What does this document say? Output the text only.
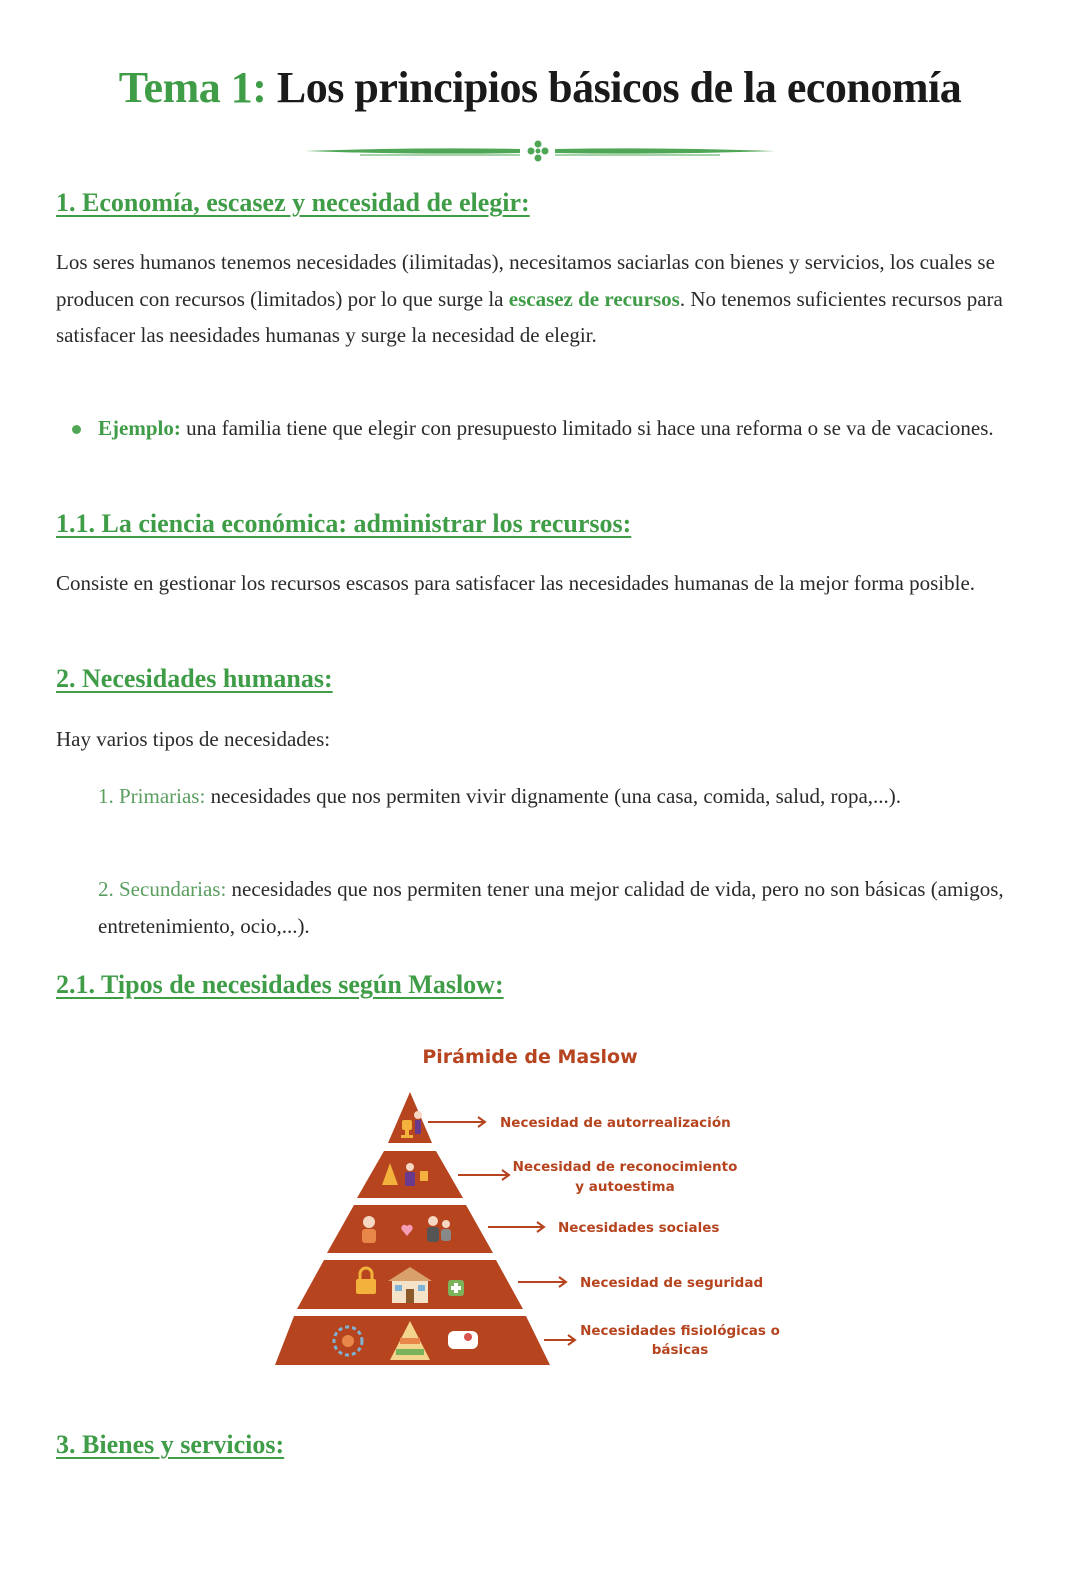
Tema 1: Los principios básicos de la economía
1. Economía, escasez y necesidad de elegir:

Los seres humanos tenemos necesidades (ilimitadas), necesitamos saciarlas con bienes y servicios, los cuales se producen con recursos (limitados) por lo que surge la escasez de recursos. No tenemos suficientes recursos para satisfacer las neesidades humanas y surge la necesidad de elegir.

Ejemplo: una familia tiene que elegir con presupuesto limitado si hace una reforma o se va de vacaciones.

1.1. La ciencia económica: administrar los recursos:

Consiste en gestionar los recursos escasos para satisfacer las necesidades humanas de la mejor forma posible.

2. Necesidades humanas:

Hay varios tipos de necesidades:

1. Primarias: necesidades que nos permiten vivir dignamente (una casa, comida, salud, ropa,...).

2. Secundarias: necesidades que nos permiten tener una mejor calidad de vida, pero no son básicas (amigos, entretenimiento, ocio,...).

2.1. Tipos de necesidades según Maslow:
Pirámide de Maslow
Necesidad de autorrealización
Necesidad de reconocimiento
y autoestima
Necesidades sociales
Necesidad de seguridad
Necesidades fisiológicas o
básicas
3. Bienes y servicios:
